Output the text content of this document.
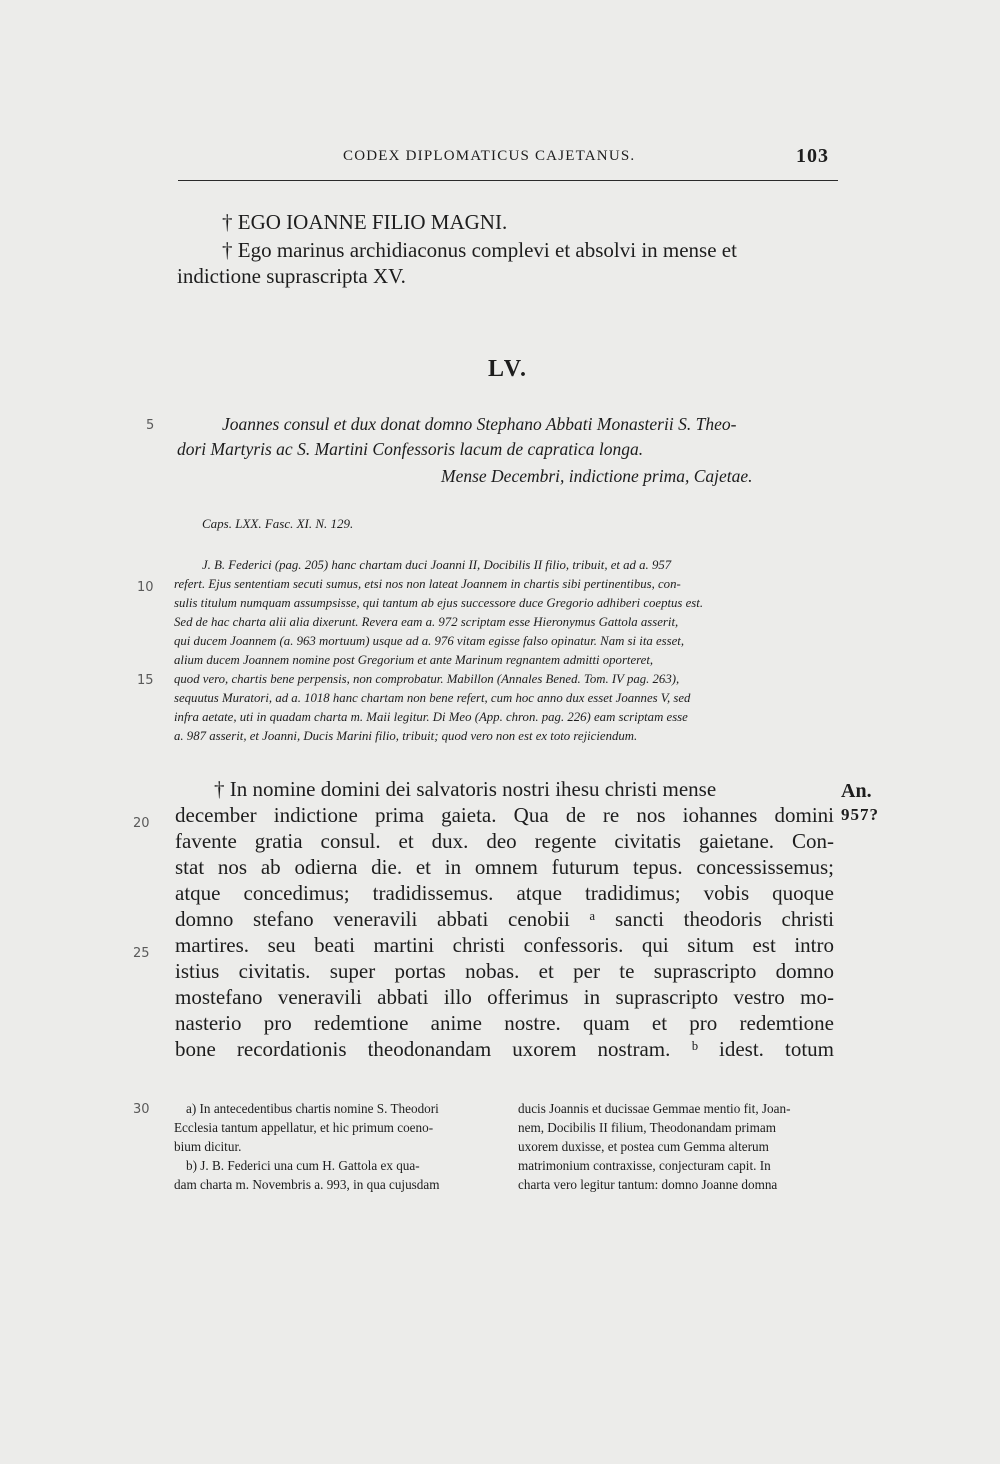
CODEX DIPLOMATICUS CAJETANUS.	103
† EGO IOANNE FILIO MAGNI.
† Ego marinus archidiaconus complevi et absolvi in mense et
indictione suprascripta XV.
LV.
5
10
15
20
25
30
Joannes consul et dux donat domno Stephano Abbati Monasterii S. Theo-
dori Martyris ac S. Martini Confessoris lacum de capratica longa.
Mense Decembri, indictione prima, Cajetae.
Caps. LXX. Fasc. XI. N. 129.
J. B. Federici (pag. 205) hanc chartam duci Joanni II, Docibilis II filio, tribuit, et ad a. 957
refert. Ejus sententiam secuti sumus, etsi nos non lateat Joannem in chartis sibi pertinentibus, con-
sulis titulum numquam assumpsisse, qui tantum ab ejus successore duce Gregorio adhiberi coeptus est.
Sed de hac charta alii alia dixerunt. Revera eam a. 972 scriptam esse Hieronymus Gattola asserit,
qui ducem Joannem (a. 963 mortuum) usque ad a. 976 vitam egisse falso opinatur. Nam si ita esset,
alium ducem Joannem nomine post Gregorium et ante Marinum regnantem admitti oporteret,
quod vero, chartis bene perpensis, non comprobatur. Mabillon (Annales Bened. Tom. IV pag. 263),
sequutus Muratori, ad a. 1018 hanc chartam non bene refert, cum hoc anno dux esset Joannes V, sed
infra aetate, uti in quadam charta m. Maii legitur. Di Meo (App. chron. pag. 226) eam scriptam esse
a. 987 asserit, et Joanni, Ducis Marini filio, tribuit; quod vero non est ex toto rejiciendum.
† In nomine domini dei salvatoris nostri ihesu christi mense
december indictione prima gaieta. Qua de re nos iohannes domini
favente gratia consul. et dux. deo regente civitatis gaietane. Con-
stat nos ab odierna die. et in omnem futurum tepus. concessissemus;
atque concedimus; tradidissemus. atque tradidimus; vobis quoque
domno stefano veneravili abbati cenobii ᵃ sancti theodoris christi
martires. seu beati martini christi confessoris. qui situm est intro
istius civitatis. super portas nobas. et per te suprascripto domno
mostefano veneravili abbati illo offerimus in suprascripto vestro mo-
nasterio pro redemtione anime nostre. quam et pro redemtione
bone recordationis theodonandam uxorem nostram. ᵇ idest. totum
An.
957?
a) In antecedentibus chartis nomine S. Theodori
Ecclesia tantum appellatur, et hic primum coeno-
bium dicitur.
b) J. B. Federici una cum H. Gattola ex qua-
dam charta m. Novembris a. 993, in qua cujusdam
ducis Joannis et ducissae Gemmae mentio fit, Joan-
nem, Docibilis II filium, Theodonandam primam
uxorem duxisse, et postea cum Gemma alterum
matrimonium contraxisse, conjecturam capit. In
charta vero legitur tantum: domno Joanne domna
